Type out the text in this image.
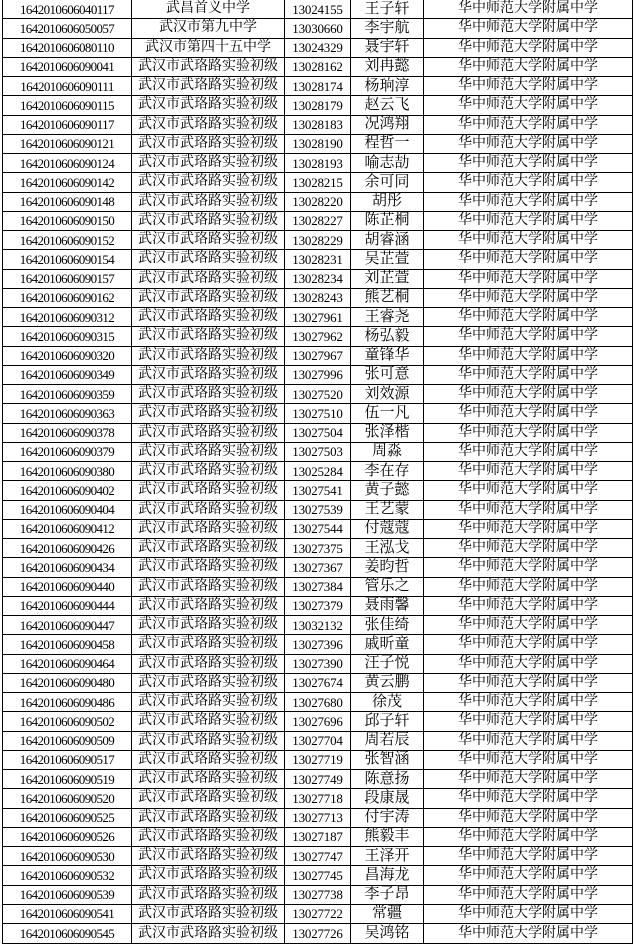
1642010606040117	武昌首义中学	13024155	王子轩	华中师范大学附属中学
1642010606050057	武汉市第九中学	13030660	李宇航	华中师范大学附属中学
1642010606080110	武汉市第四十五中学	13024329	聂宇轩	华中师范大学附属中学
1642010606090041	武汉市武珞路实验初级	13028162	刘冉懿	华中师范大学附属中学
1642010606090111	武汉市武珞路实验初级	13028174	杨珦淳	华中师范大学附属中学
1642010606090115	武汉市武珞路实验初级	13028179	赵云飞	华中师范大学附属中学
1642010606090117	武汉市武珞路实验初级	13028183	况鸿翔	华中师范大学附属中学
1642010606090121	武汉市武珞路实验初级	13028190	程哲一	华中师范大学附属中学
1642010606090124	武汉市武珞路实验初级	13028193	喻志劼	华中师范大学附属中学
1642010606090142	武汉市武珞路实验初级	13028215	余可同	华中师范大学附属中学
1642010606090148	武汉市武珞路实验初级	13028220	胡彤	华中师范大学附属中学
1642010606090150	武汉市武珞路实验初级	13028227	陈芷桐	华中师范大学附属中学
1642010606090152	武汉市武珞路实验初级	13028229	胡睿涵	华中师范大学附属中学
1642010606090154	武汉市武珞路实验初级	13028231	吴芷萱	华中师范大学附属中学
1642010606090157	武汉市武珞路实验初级	13028234	刘芷萱	华中师范大学附属中学
1642010606090162	武汉市武珞路实验初级	13028243	熊艺桐	华中师范大学附属中学
1642010606090312	武汉市武珞路实验初级	13027961	王睿尧	华中师范大学附属中学
1642010606090315	武汉市武珞路实验初级	13027962	杨弘毅	华中师范大学附属中学
1642010606090320	武汉市武珞路实验初级	13027967	童锋华	华中师范大学附属中学
1642010606090349	武汉市武珞路实验初级	13027996	张可意	华中师范大学附属中学
1642010606090359	武汉市武珞路实验初级	13027520	刘效源	华中师范大学附属中学
1642010606090363	武汉市武珞路实验初级	13027510	伍一凡	华中师范大学附属中学
1642010606090378	武汉市武珞路实验初级	13027504	张泽楷	华中师范大学附属中学
1642010606090379	武汉市武珞路实验初级	13027503	周淼	华中师范大学附属中学
1642010606090380	武汉市武珞路实验初级	13025284	李在存	华中师范大学附属中学
1642010606090402	武汉市武珞路实验初级	13027541	黄子懿	华中师范大学附属中学
1642010606090404	武汉市武珞路实验初级	13027539	王艺蒙	华中师范大学附属中学
1642010606090412	武汉市武珞路实验初级	13027544	付蔻蔻	华中师范大学附属中学
1642010606090426	武汉市武珞路实验初级	13027375	王泓戈	华中师范大学附属中学
1642010606090434	武汉市武珞路实验初级	13027367	姜昀哲	华中师范大学附属中学
1642010606090440	武汉市武珞路实验初级	13027384	管乐之	华中师范大学附属中学
1642010606090444	武汉市武珞路实验初级	13027379	聂雨馨	华中师范大学附属中学
1642010606090447	武汉市武珞路实验初级	13032132	张佳绮	华中师范大学附属中学
1642010606090458	武汉市武珞路实验初级	13027396	戚昕童	华中师范大学附属中学
1642010606090464	武汉市武珞路实验初级	13027390	汪子悦	华中师范大学附属中学
1642010606090480	武汉市武珞路实验初级	13027674	黄云鹏	华中师范大学附属中学
1642010606090486	武汉市武珞路实验初级	13027680	徐茂	华中师范大学附属中学
1642010606090502	武汉市武珞路实验初级	13027696	邱子轩	华中师范大学附属中学
1642010606090509	武汉市武珞路实验初级	13027704	周若辰	华中师范大学附属中学
1642010606090517	武汉市武珞路实验初级	13027719	张智涵	华中师范大学附属中学
1642010606090519	武汉市武珞路实验初级	13027749	陈意扬	华中师范大学附属中学
1642010606090520	武汉市武珞路实验初级	13027718	段康晟	华中师范大学附属中学
1642010606090525	武汉市武珞路实验初级	13027713	付宇涛	华中师范大学附属中学
1642010606090526	武汉市武珞路实验初级	13027187	熊毅丰	华中师范大学附属中学
1642010606090530	武汉市武珞路实验初级	13027747	王泽开	华中师范大学附属中学
1642010606090532	武汉市武珞路实验初级	13027745	昌海龙	华中师范大学附属中学
1642010606090539	武汉市武珞路实验初级	13027738	李子昂	华中师范大学附属中学
1642010606090541	武汉市武珞路实验初级	13027722	常疆	华中师范大学附属中学
1642010606090545	武汉市武珞路实验初级	13027726	吴鸿铭	华中师范大学附属中学
